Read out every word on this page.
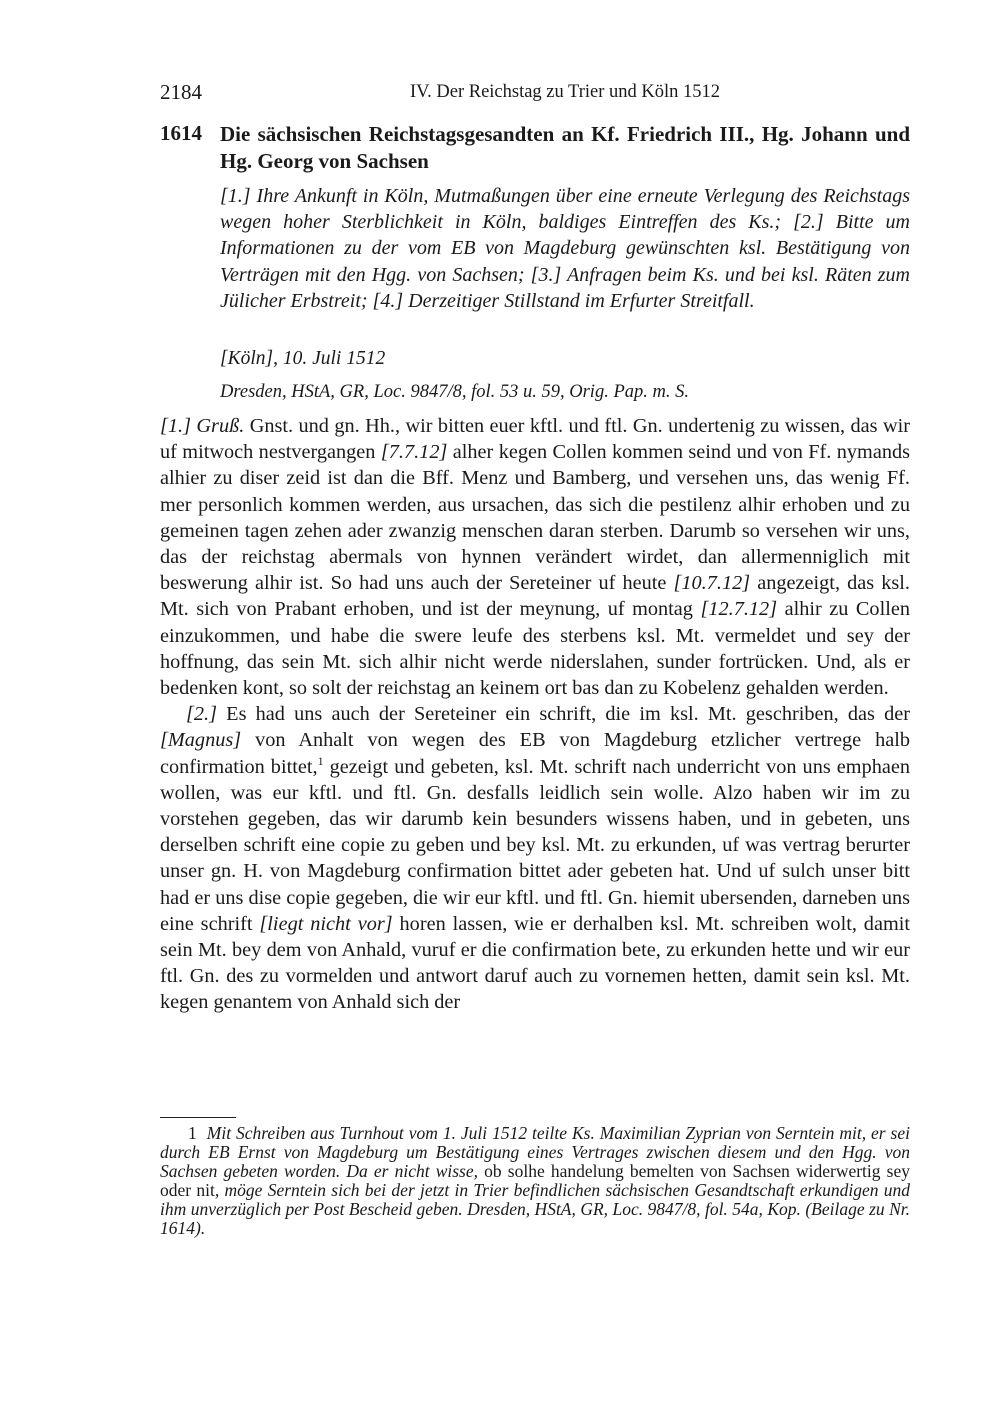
2184	IV. Der Reichstag zu Trier und Köln 1512
1614 Die sächsischen Reichstagsgesandten an Kf. Friedrich III., Hg. Johann und Hg. Georg von Sachsen
[1.] Ihre Ankunft in Köln, Mutmaßungen über eine erneute Verlegung des Reichstags wegen hoher Sterblichkeit in Köln, baldiges Eintreffen des Ks.; [2.] Bitte um Informationen zu der vom EB von Magdeburg gewünschten ksl. Bestätigung von Verträgen mit den Hgg. von Sachsen; [3.] Anfragen beim Ks. und bei ksl. Räten zum Jülicher Erbstreit; [4.] Derzeitiger Stillstand im Erfurter Streitfall.
[Köln], 10. Juli 1512
Dresden, HStA, GR, Loc. 9847/8, fol. 53 u. 59, Orig. Pap. m. S.

[1.] Gruß. Gnst. und gn. Hh., wir bitten euer kftl. und ftl. Gn. undertenig zu wissen, das wir uf mitwoch nestvergangen [7.7.12] alher kegen Collen kommen seind und von Ff. nymands alhier zu diser zeid ist dan die Bff. Menz und Bamberg, und versehen uns, das wenig Ff. mer personlich kommen werden, aus ursachen, das sich die pestilenz alhir erhoben und zu gemeinen tagen zehen ader zwanzig menschen daran sterben. Darumb so versehen wir uns, das der reichstag abermals von hynnen verändert wirdet, dan allermenniglich mit beswerung alhir ist. So had uns auch der Sereteiner uf heute [10.7.12] angezeigt, das ksl. Mt. sich von Prabant erhoben, und ist der meynung, uf montag [12.7.12] alhir zu Collen einzukommen, und habe die swere leufe des sterbens ksl. Mt. vermeldet und sey der hoffnung, das sein Mt. sich alhir nicht werde niderslahen, sunder fortrücken. Und, als er bedenken kont, so solt der reichstag an keinem ort bas dan zu Kobelenz gehalden werden.

[2.] Es had uns auch der Sereteiner ein schrift, die im ksl. Mt. geschriben, das der [Magnus] von Anhalt von wegen des EB von Magdeburg etzlicher vertrege halb confirmation bittet,$^1$ gezeigt und gebeten, ksl. Mt. schrift nach underricht von uns emphaen wollen, was eur kftl. und ftl. Gn. desfalls leidlich sein wolle. Alzo haben wir im zu vorstehen gegeben, das wir darumb kein besunders wissens haben, und in gebeten, uns derselben schrift eine copie zu geben und bey ksl. Mt. zu erkunden, uf was vertrag berurter unser gn. H. von Magdeburg confirmation bittet ader gebeten hat. Und uf sulch unser bitt had er uns dise copie gegeben, die wir eur kftl. und ftl. Gn. hiemit ubersenden, darneben uns eine schrift [liegt nicht vor] horen lassen, wie er derhalben ksl. Mt. schreiben wolt, damit sein Mt. bey dem von Anhald, vuruf er die confirmation bete, zu erkunden hette und wir eur ftl. Gn. des zu vormelden und antwort daruf auch zu vornemen hetten, damit sein ksl. Mt. kegen genantem von Anhald sich der

1 Mit Schreiben aus Turnhout vom 1. Juli 1512 teilte Ks. Maximilian Zyprian von Serntein mit, er sei durch EB Ernst von Magdeburg um Bestätigung eines Vertrages zwischen diesem und den Hgg. von Sachsen gebeten worden. Da er nicht wisse, ob solhe handelung bemelten von Sachsen widerwertig sey oder nit, möge Serntein sich bei der jetzt in Trier befindlichen sächsischen Gesandtschaft erkundigen und ihm unverzüglich per Post Bescheid geben. Dresden, HStA, GR, Loc. 9847/8, fol. 54a, Kop. (Beilage zu Nr. 1614).
